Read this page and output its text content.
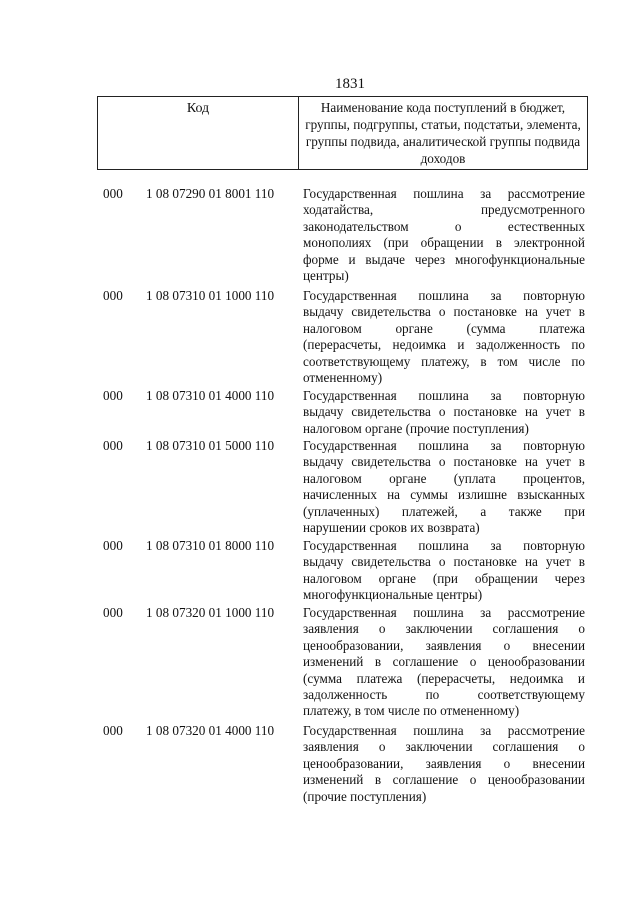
1831
Код	Наименование кода поступлений в бюджет, группы, подгруппы, статьи, подстатьи, элемента, группы подвида, аналитической группы подвида доходов
000	1 08 07290 01 8001 110	Государственная пошлина за рассмотрение
ходатайства, предусмотренного
законодательством о естественных
монополиях (при обращении в электронной
форме и выдаче через многофункциональные
центры)
000	1 08 07310 01 1000 110	Государственная пошлина за повторную
выдачу свидетельства о постановке на учет в
налоговом органе (сумма платежа
(перерасчеты, недоимка и задолженность по
соответствующему платежу, в том числе по
отмененному)
000	1 08 07310 01 4000 110	Государственная пошлина за повторную
выдачу свидетельства о постановке на учет в
налоговом органе (прочие поступления)
000	1 08 07310 01 5000 110	Государственная пошлина за повторную
выдачу свидетельства о постановке на учет в
налоговом органе (уплата процентов,
начисленных на суммы излишне взысканных
(уплаченных) платежей, а также при
нарушении сроков их возврата)
000	1 08 07310 01 8000 110	Государственная пошлина за повторную
выдачу свидетельства о постановке на учет в
налоговом органе (при обращении через
многофункциональные центры)
000	1 08 07320 01 1000 110	Государственная пошлина за рассмотрение
заявления о заключении соглашения о
ценообразовании, заявления о внесении
изменений в соглашение о ценообразовании
(сумма платежа (перерасчеты, недоимка и
задолженность по соответствующему
платежу, в том числе по отмененному)
000	1 08 07320 01 4000 110	Государственная пошлина за рассмотрение
заявления о заключении соглашения о
ценообразовании, заявления о внесении
изменений в соглашение о ценообразовании
(прочие поступления)
